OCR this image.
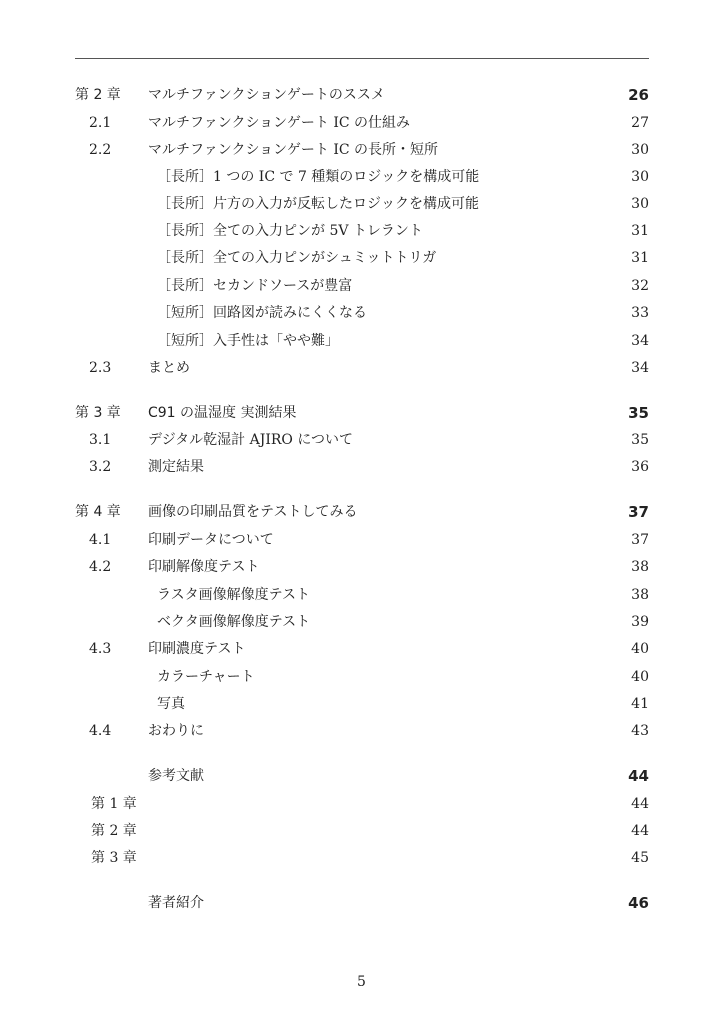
第 2 章	マルチファンクションゲートのススメ	26
2.1	マルチファンクションゲート IC の仕組み	27
2.2	マルチファンクションゲート IC の長所・短所	30
［長所］1 つの IC で 7 種類のロジックを構成可能	30
［長所］片方の入力が反転したロジックを構成可能	30
［長所］全ての入力ピンが 5V トレラント	31
［長所］全ての入力ピンがシュミットトリガ	31
［長所］セカンドソースが豊富	32
［短所］回路図が読みにくくなる	33
［短所］入手性は「やや難」	34
2.3	まとめ	34
第 3 章	C91 の温湿度 実測結果	35
3.1	デジタル乾湿計 AJIRO について	35
3.2	測定結果	36
第 4 章	画像の印刷品質をテストしてみる	37
4.1	印刷データについて	37
4.2	印刷解像度テスト	38
ラスタ画像解像度テスト	38
ベクタ画像解像度テスト	39
4.3	印刷濃度テスト	40
カラーチャート	40
写真	41
4.4	おわりに	43
参考文献	44
第 1 章	44
第 2 章	44
第 3 章	45
著者紹介	46
5
